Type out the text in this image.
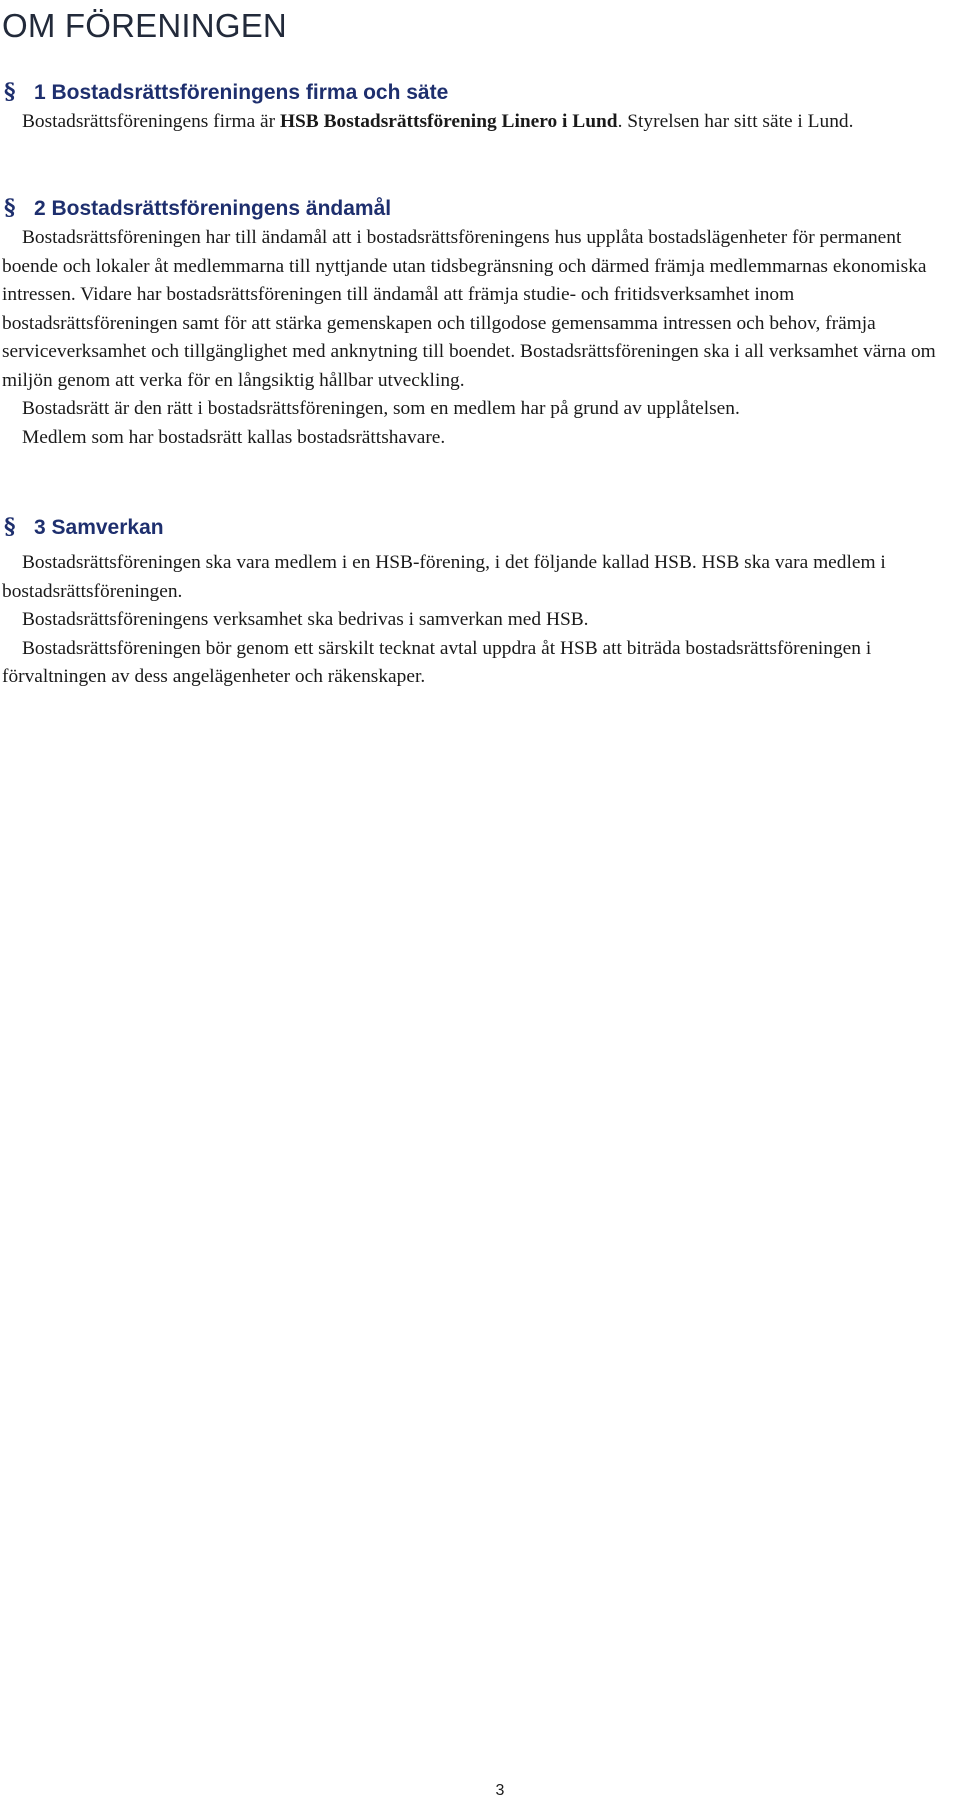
OM FÖRENINGEN
§ 1 Bostadsrättsföreningens firma och säte

Bostadsrättsföreningens firma är HSB Bostadsrättsförening Linero i Lund. Styrelsen har sitt säte i Lund.

§ 2 Bostadsrättsföreningens ändamål

Bostadsrättsföreningen har till ändamål att i bostadsrättsföreningens hus upplåta bostadslägenheter för permanent boende och lokaler åt medlemmarna till nyttjande utan tidsbegränsning och därmed främja medlemmarnas ekonomiska intressen. Vidare har bostadsrättsföreningen till ändamål att främja studie- och fritidsverksamhet inom bostadsrättsföreningen samt för att stärka gemenskapen och tillgodose gemensamma intressen och behov, främja serviceverksamhet och tillgänglighet med anknytning till boendet. Bostadsrättsföreningen ska i all verksamhet värna om miljön genom att verka för en långsiktig hållbar utveckling.

Bostadsrätt är den rätt i bostadsrättsföreningen, som en medlem har på grund av upplåtelsen.

Medlem som har bostadsrätt kallas bostadsrättshavare.

§ 3 Samverkan

Bostadsrättsföreningen ska vara medlem i en HSB-förening, i det följande kallad HSB. HSB ska vara medlem i bostadsrättsföreningen.

Bostadsrättsföreningens verksamhet ska bedrivas i samverkan med HSB.

Bostadsrättsföreningen bör genom ett särskilt tecknat avtal uppdra åt HSB att biträda bostadsrättsföreningen i förvaltningen av dess angelägenheter och räkenskaper.

3
